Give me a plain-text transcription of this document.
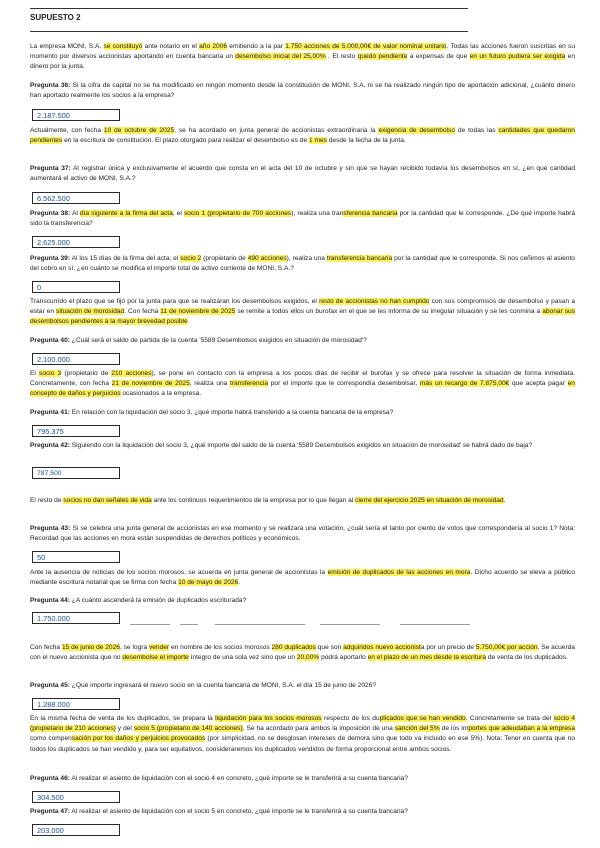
SUPUESTO 2
La empresa MONI, S.A. se constituyó ante notario en el año 2006 emitiendo a la par 1.750 acciones de 5.000,00€ de valor nominal unitario. Todas las acciones fueron suscritas en su momento por diversos accionistas aportando en cuenta bancaria un desembolso inicial del 25,00% . El resto quedó pendiente a expensas de que en un futuro pudiera ser exigida en dinero por la junta.
Pregunta 36: Si la cifra de capital no se ha modificado en ningún momento desde la constitución de MONI, S.A. ni se ha realizado ningún tipo de aportación adicional, ¿cuánto dinero han aportado realmente los socios a la empresa?
2.187.500
Actualmente, con fecha 10 de octubre de 2025, se ha acordado en junta general de accionistas extraordinaria la exigencia de desembolso de todas las cantidades que quedaron pendientes en la escritura de constitución. El plazo otorgado para realizar el desembolso es de 1 mes desde la fecha de la junta.
Pregunta 37: Al registrar única y exclusivamente el acuerdo que consta en el acta del 10 de octubre y sin que se hayan recibido todavía los desembolsos en sí, ¿en qué cantidad aumentará el activo de MONI, S.A.?
6.562.500
Pregunta 38: Al día siguiente a la firma del acta, el socio 1 (propietario de 700 acciones), realiza una transferencia bancaria por la cantidad que le corresponde. ¿De qué importe habrá sido la transferencia?
2.625.000
Pregunta 39: Al los 15 días de la firma del acta, el socio 2 (propietario de 490 acciones), realiza una transferencia bancaria por la cantidad que le corresponde. Si nos ceñimos al asiento del cobro en sí, ¿en cuánto se modifica el importe total de activo corriente de MONI, S.A.?
0
Transcurrido el plazo que se fijó por la junta para que se realizaran los desembolsos exigidos, el resto de accionistas no han cumplido con sus compromisos de desembolso y pasan a estar en situación de morosidad. Con fecha 11 de noviembre de 2025 se remite a todos ellos un burofax en el que se les informa de su irregular situación y se les conmina a abonar sus desembolsos pendientes a la mayor brevedad posible
Pregunta 40: ¿Cuál será el saldo de partida de la cuenta '5589 Desembolsos exigidos en situación de morosidad'?
2.100.000
El socio 3 (propietario de 210 acciones), se pone en contacto con la empresa a los pocos días de recibir el burofax y se ofrece para resolver la situación de forma inmediata. Concretamente, con fecha 21 de noviembre de 2025, realiza una transferencia por el importe que le correspondía desembolsar, más un recargo de 7.875,00€ que acepta pagar en concepto de daños y perjuicios ocasionados a la empresa.
Pregunta 41: En relación con la liquidación del socio 3, ¿qué importe habrá transferido a la cuenta bancaria de la empresa?
795.375
Pregunta 42: Siguiendo con la liquidación del socio 3, ¿qué importe del saldo de la cuenta '5589 Desembolsos exigidos en situación de morosidad' se habrá dado de baja?
787.500
El resto de socios no dan señales de vida ante los continuos requerimientos de la empresa por lo que llegan al cierre del ejercicio 2025 en situación de morosidad.
Pregunta 43: Si se celebra una junta general de accionistas en ese momento y se realizara una votación, ¿cuál sería el tanto por ciento de votos que correspondería al socio 1? Nota: Recordad que las acciones en mora están suspendidas de derechos políticos y económicos.
50
Ante la ausencia de noticias de los socios morosos, se acuerda en junta general de accionistas la emisión de duplicados de las acciones en mora. Dicho acuerdo se eleva a público mediante escritura notarial que se firma con fecha 10 de mayo de 2026.
Pregunta 44: ¿A cuánto ascenderá la emisión de duplicados escriturada?
1.750.000
Con fecha 15 de junio de 2026, se logra vender en nombre de los socios morosos 280 duplicados que son adquiridos nuevo accionista por un precio de 5.750,00€ por acción. Se acuerda con el nuevo accionista que no desembolse el importe íntegro de una sola vez sino que un 20,00% podrá aportarlo en el plazo de un mes desde la escritura de venta de los duplicados.
Pregunta 45: ¿Qué importe ingresará el nuevo socio en la cuenta bancaria de MONI, S.A. el día 15 de junio de 2026?
1.288.000
En la misma fecha de venta de los duplicados, se prepara la liquidación para los socios morosos respecto de los duplicados que se han vendido. Concretamente se trata del socio 4 (propietario de 210 acciones) y del socio 5 (propietario de 140 acciones). Se ha acordado para ambos la imposición de una sanción del 5% de los importes que adeudaban a la empresa como compensación por los daños y perjuicios provocados (por simplicidad, no se desglosan intereses de demora sino que todo va incluido en ese 5%). Nota: Tener en cuenta que no todos los duplicados se han vendido y, para ser equitativos, consideraremos los duplicados vendidos de forma proporcional entre ambos socios.
Pregunta 46: Al realizar el asiento de liquidación con el socio 4 en concreto, ¿qué importe se le transferirá a su cuenta bancaria?
304.500
Pregunta 47: Al realizar el asiento de liquidación con el socio 5 en concreto, ¿qué importe se le transferirá a su cuenta bancaria?
203.000
